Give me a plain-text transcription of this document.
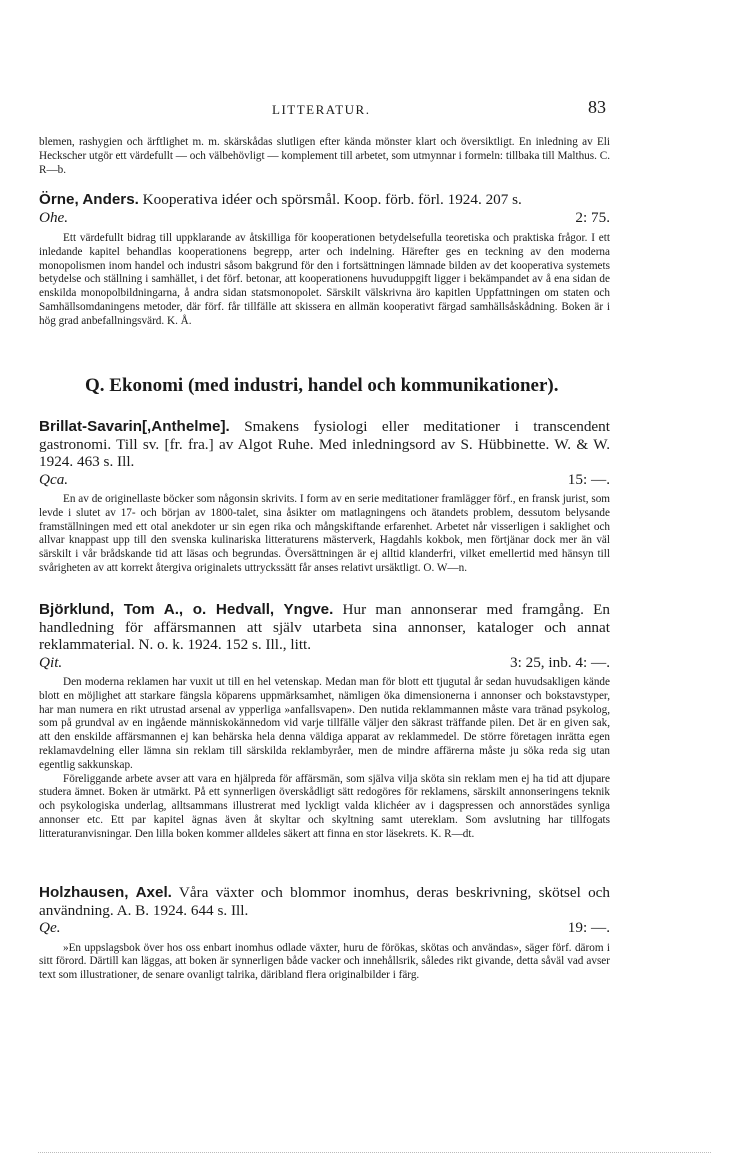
LITTERATUR.	83

blemen, rashygien och ärftlighet m. m. skärskådas slutligen efter kända mönster klart och översiktligt. En inledning av Eli Heckscher utgör ett värdefullt — och välbehövligt — komplement till arbetet, som utmynnar i formeln: tillbaka till Malthus. C. R—b.

Örne, Anders. Kooperativa idéer och spörsmål. Koop. förb. förl. 1924. 207 s.

Ohe.	2: 75.

Ett värdefullt bidrag till uppklarande av åtskilliga för kooperationen betydelsefulla teoretiska och praktiska frågor. I ett inledande kapitel behandlas kooperationens begrepp, arter och indelning. Härefter ges en teckning av den moderna monopolismen inom handel och industri såsom bakgrund för den i fortsättningen lämnade bilden av det kooperativa systemets betydelse och ställning i samhället, i det förf. betonar, att kooperationens huvuduppgift ligger i bekämpandet av å ena sidan de enskilda monopolbildningarna, å andra sidan statsmonopolet. Särskilt välskrivna äro kapitlen Uppfattningen om staten och Samhällsomdaningens metoder, där förf. får tillfälle att skissera en allmän kooperativt färgad samhällsåskådning. Boken är i hög grad anbefallningsvärd. K. Å.

Q. Ekonomi (med industri, handel och kommunikationer).

Brillat-Savarin[,Anthelme]. Smakens fysiologi eller meditationer i transcendent gastronomi. Till sv. [fr. fra.] av Algot Ruhe. Med inledningsord av S. Hübbinette. W. & W. 1924. 463 s. Ill.

Qca.	15: —.

En av de originellaste böcker som någonsin skrivits. I form av en serie meditationer framlägger förf., en fransk jurist, som levde i slutet av 17- och början av 1800-talet, sina åsikter om matlagningens och ätandets problem, dessutom belysande framställningen med ett otal anekdoter ur sin egen rika och mångskiftande erfarenhet. Arbetet når visserligen i saklighet och allvar knappast upp till den svenska kulinariska litteraturens mästerverk, Hagdahls kokbok, men förtjänar dock mer än väl särskilt i vår brådskande tid att läsas och begrundas. Översättningen är ej alltid klanderfri, vilket emellertid med hänsyn till svårigheten av att korrekt återgiva originalets uttryckssätt får anses relativt ursäktligt. O. W—n.

Björklund, Tom A., o. Hedvall, Yngve. Hur man annonserar med framgång. En handledning för affärsmannen att själv utarbeta sina annonser, kataloger och annat reklammaterial. N. o. k. 1924. 152 s. Ill., litt.

Qit.	3: 25, inb. 4: —.

Den moderna reklamen har vuxit ut till en hel vetenskap. Medan man för blott ett tjugutal år sedan huvudsakligen kände blott en möjlighet att starkare fängsla köparens uppmärksamhet, nämligen öka dimensionerna i annonser och bokstavstyper, har man numera en rikt utrustad arsenal av ypperliga »anfallsvapen». Den nutida reklammannen måste vara tränad psykolog, som på grundval av en ingående människokännedom vid varje tillfälle väljer den säkrast träffande pilen. Det är en given sak, att den enskilde affärsmannen ej kan behärska hela denna väldiga apparat av reklammedel. De större företagen inrätta egen reklamavdelning eller lämna sin reklam till särskilda reklambyråer, men de mindre affärerna måste ju söka reda sig utan egentlig sakkunskap.

Föreliggande arbete avser att vara en hjälpreda för affärsmän, som själva vilja sköta sin reklam men ej ha tid att djupare studera ämnet. Boken är utmärkt. På ett synnerligen överskådligt sätt redogöres för reklamens, särskilt annonseringens teknik och psykologiska underlag, alltsammans illustrerat med lyckligt valda klichéer av i dagspressen och annorstädes synliga annonser etc. Ett par kapitel ägnas även åt skyltar och skyltning samt utereklam. Som avslutning har tillfogats litteraturanvisningar. Den lilla boken kommer alldeles säkert att finna en stor läsekrets. K. R—dt.

Holzhausen, Axel. Våra växter och blommor inomhus, deras beskrivning, skötsel och användning. A. B. 1924. 644 s. Ill.

Qe.	19: —.

»En uppslagsbok över hos oss enbart inomhus odlade växter, huru de förökas, skötas och användas», säger förf. därom i sitt förord. Därtill kan läggas, att boken är synnerligen både vacker och innehållsrik, således rikt givande, detta såväl vad avser text som illustrationer, de senare ovanligt talrika, däribland flera originalbilder i färg.
